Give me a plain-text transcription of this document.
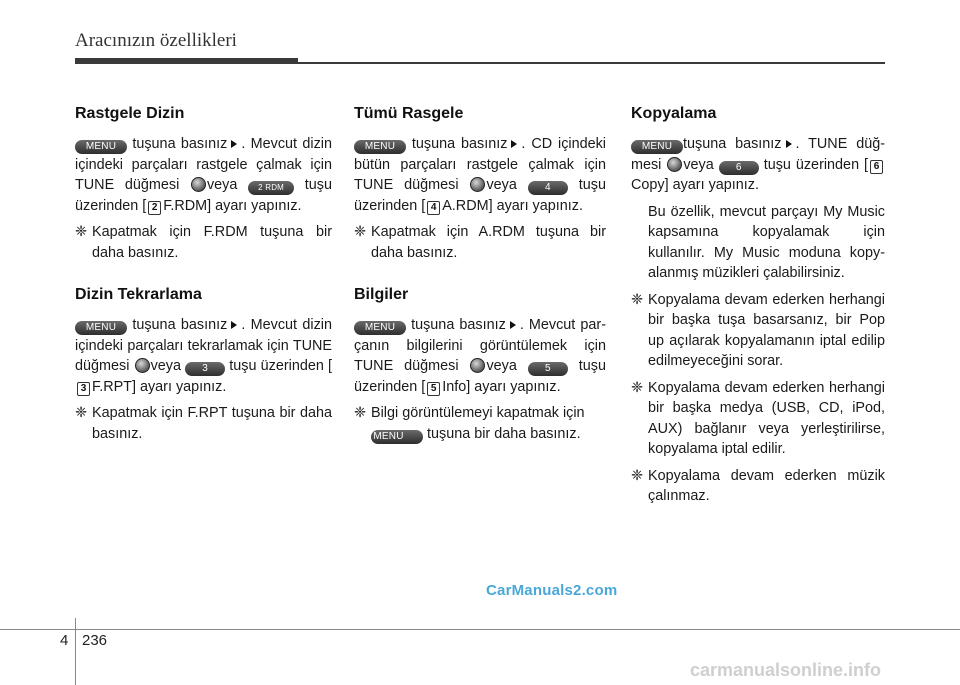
Aracınızın özellikleri
Rastgele Dizin

MENU tuşuna basınız . Mevcut dizin içindeki parçaları rastgele çalmak için TUNE düğmesi veya	2 RDM tuşu üzerinden [ 2 F.RDM] ayarı yapınız.

❈ Kapatmak için F.RDM tuşuna bir daha basınız.

Dizin Tekrarlama

MENU tuşuna basınız . Mevcut dizin içindeki parçaları tekrarlamak için TUNE düğmesi veya 3 tuşu üzerinden [3 F.RPT] ayarı yapınız.

❈ Kapatmak için F.RPT tuşuna bir daha basınız.

Tümü Rasgele

MENU tuşuna basınız . CD içindeki bütün parçaları rastgele çalmak için TUNE düğmesi veya	4 tuşu üzerinden [ 4 A.RDM] ayarı yapınız.

❈ Kapatmak için A.RDM tuşuna bir daha basınız.

Bilgiler

MENU tuşuna basınız . Mevcut parçanın bilgilerini görüntülemek için TUNE düğmesi veya	5 tuşu üzerinden [ 5 Info] ayarı yapınız.

❈ Bilgi görüntülemeyi kapatmak için
MENU tuşuna bir daha basınız.

Kopyalama

MENU tuşuna basınız . TUNE düğmesi veya 6 tuşu üzerinden [ 6Copy] ayarı yapınız.

Bu özellik, mevcut parçayı My Music kapsamına kopyalamak için kullanılır. My Music moduna kopyalanmış müzikleri çalabilirsiniz.

❈ Kopyalama devam ederken herhangi bir başka tuşa basarsanız, bir Pop up açılarak kopyalamanın iptal edilip edilmeyeceğini sorar.

❈ Kopyalama devam ederken herhangi bir başka medya (USB, CD, iPod, AUX) bağlanır veya yerleştirilirse, kopyalama iptal edilir.

❈ Kopyalama devam ederken müzik çalınmaz.

CarManuals2.com
4 236
carmanualsonline.info
